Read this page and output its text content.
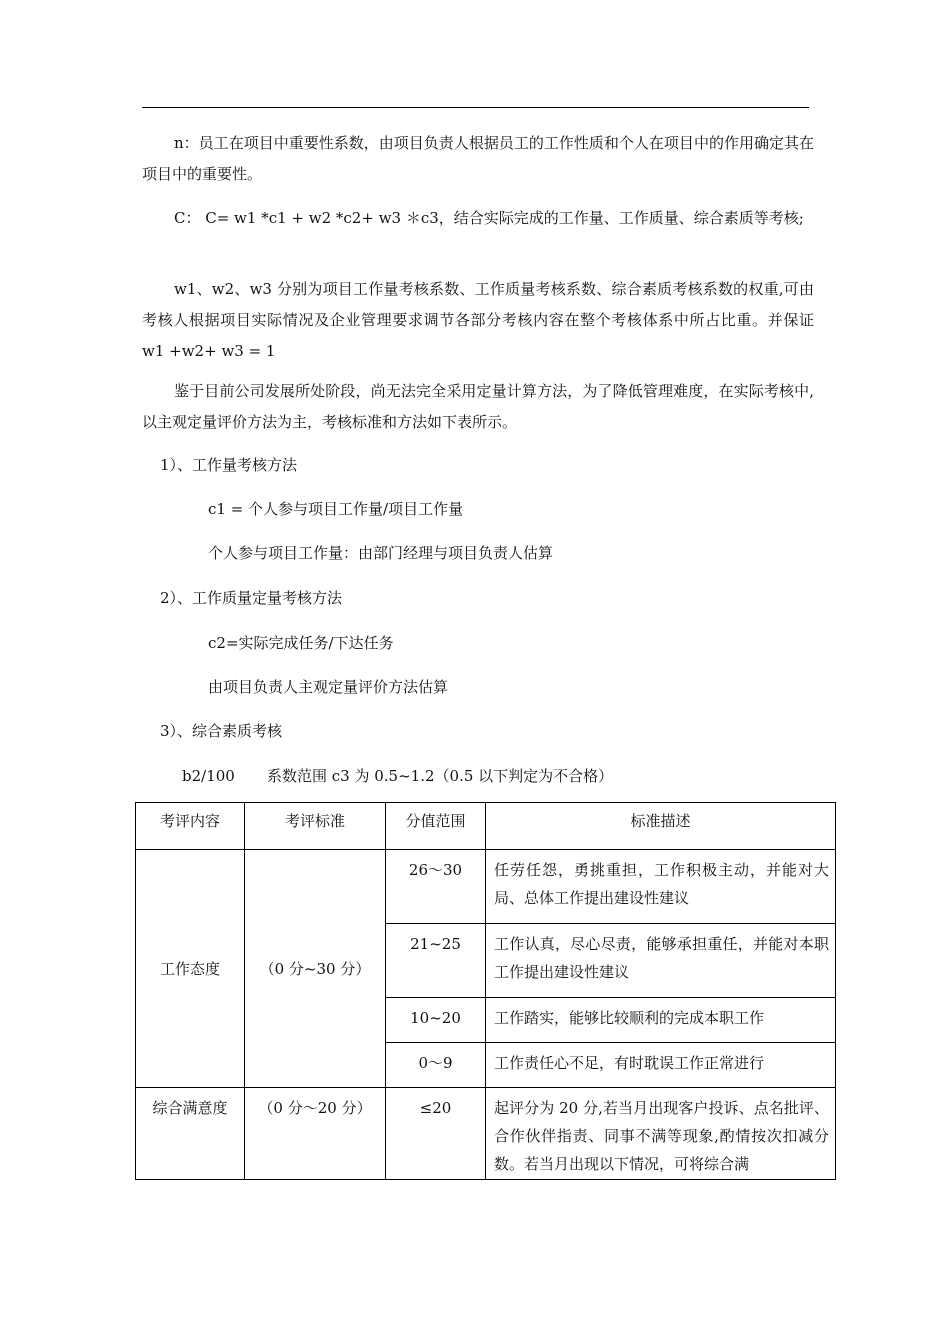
n：员工在项目中重要性系数，由项目负责人根据员工的工作性质和个人在项目中的作用确定其在项目中的重要性。

C： C= w1 *c1 + w2 *c2+ w3 ＊c3，结合实际完成的工作量、工作质量、综合素质等考核;

w1、w2、w3 分别为项目工作量考核系数、工作质量考核系数、综合素质考核系数的权重,可由考核人根据项目实际情况及企业管理要求调节各部分考核内容在整个考核体系中所占比重。并保证 w1 +w2+ w3 = 1

鉴于目前公司发展所处阶段，尚无法完全采用定量计算方法，为了降低管理难度，在实际考核中,以主观定量评价方法为主，考核标准和方法如下表所示。

1）、工作量考核方法

c1 = 个人参与项目工作量/项目工作量

个人参与项目工作量：由部门经理与项目负责人估算

2）、工作质量定量考核方法

c2=实际完成任务/下达任务

由项目负责人主观定量评价方法估算

3）、综合素质考核

b2/100 系数范围 c3 为 0.5~1.2（0.5 以下判定为不合格）

考评内容	考评标准	分值范围	标准描述
工作态度	（0 分~30 分）	26～30	任劳任怨，勇挑重担，工作积极主动，并能对大局、总体工作提出建设性建议
		21~25	工作认真，尽心尽责，能够承担重任，并能对本职工作提出建设性建议
		10~20	工作踏实，能够比较顺利的完成本职工作
		0～9	工作责任心不足，有时耽误工作正常进行
综合满意度	（0 分～20 分）	≤20	起评分为 20 分,若当月出现客户投诉、点名批评、合作伙伴指责、同事不满等现象,酌情按次扣减分数。若当月出现以下情况，可将综合满
